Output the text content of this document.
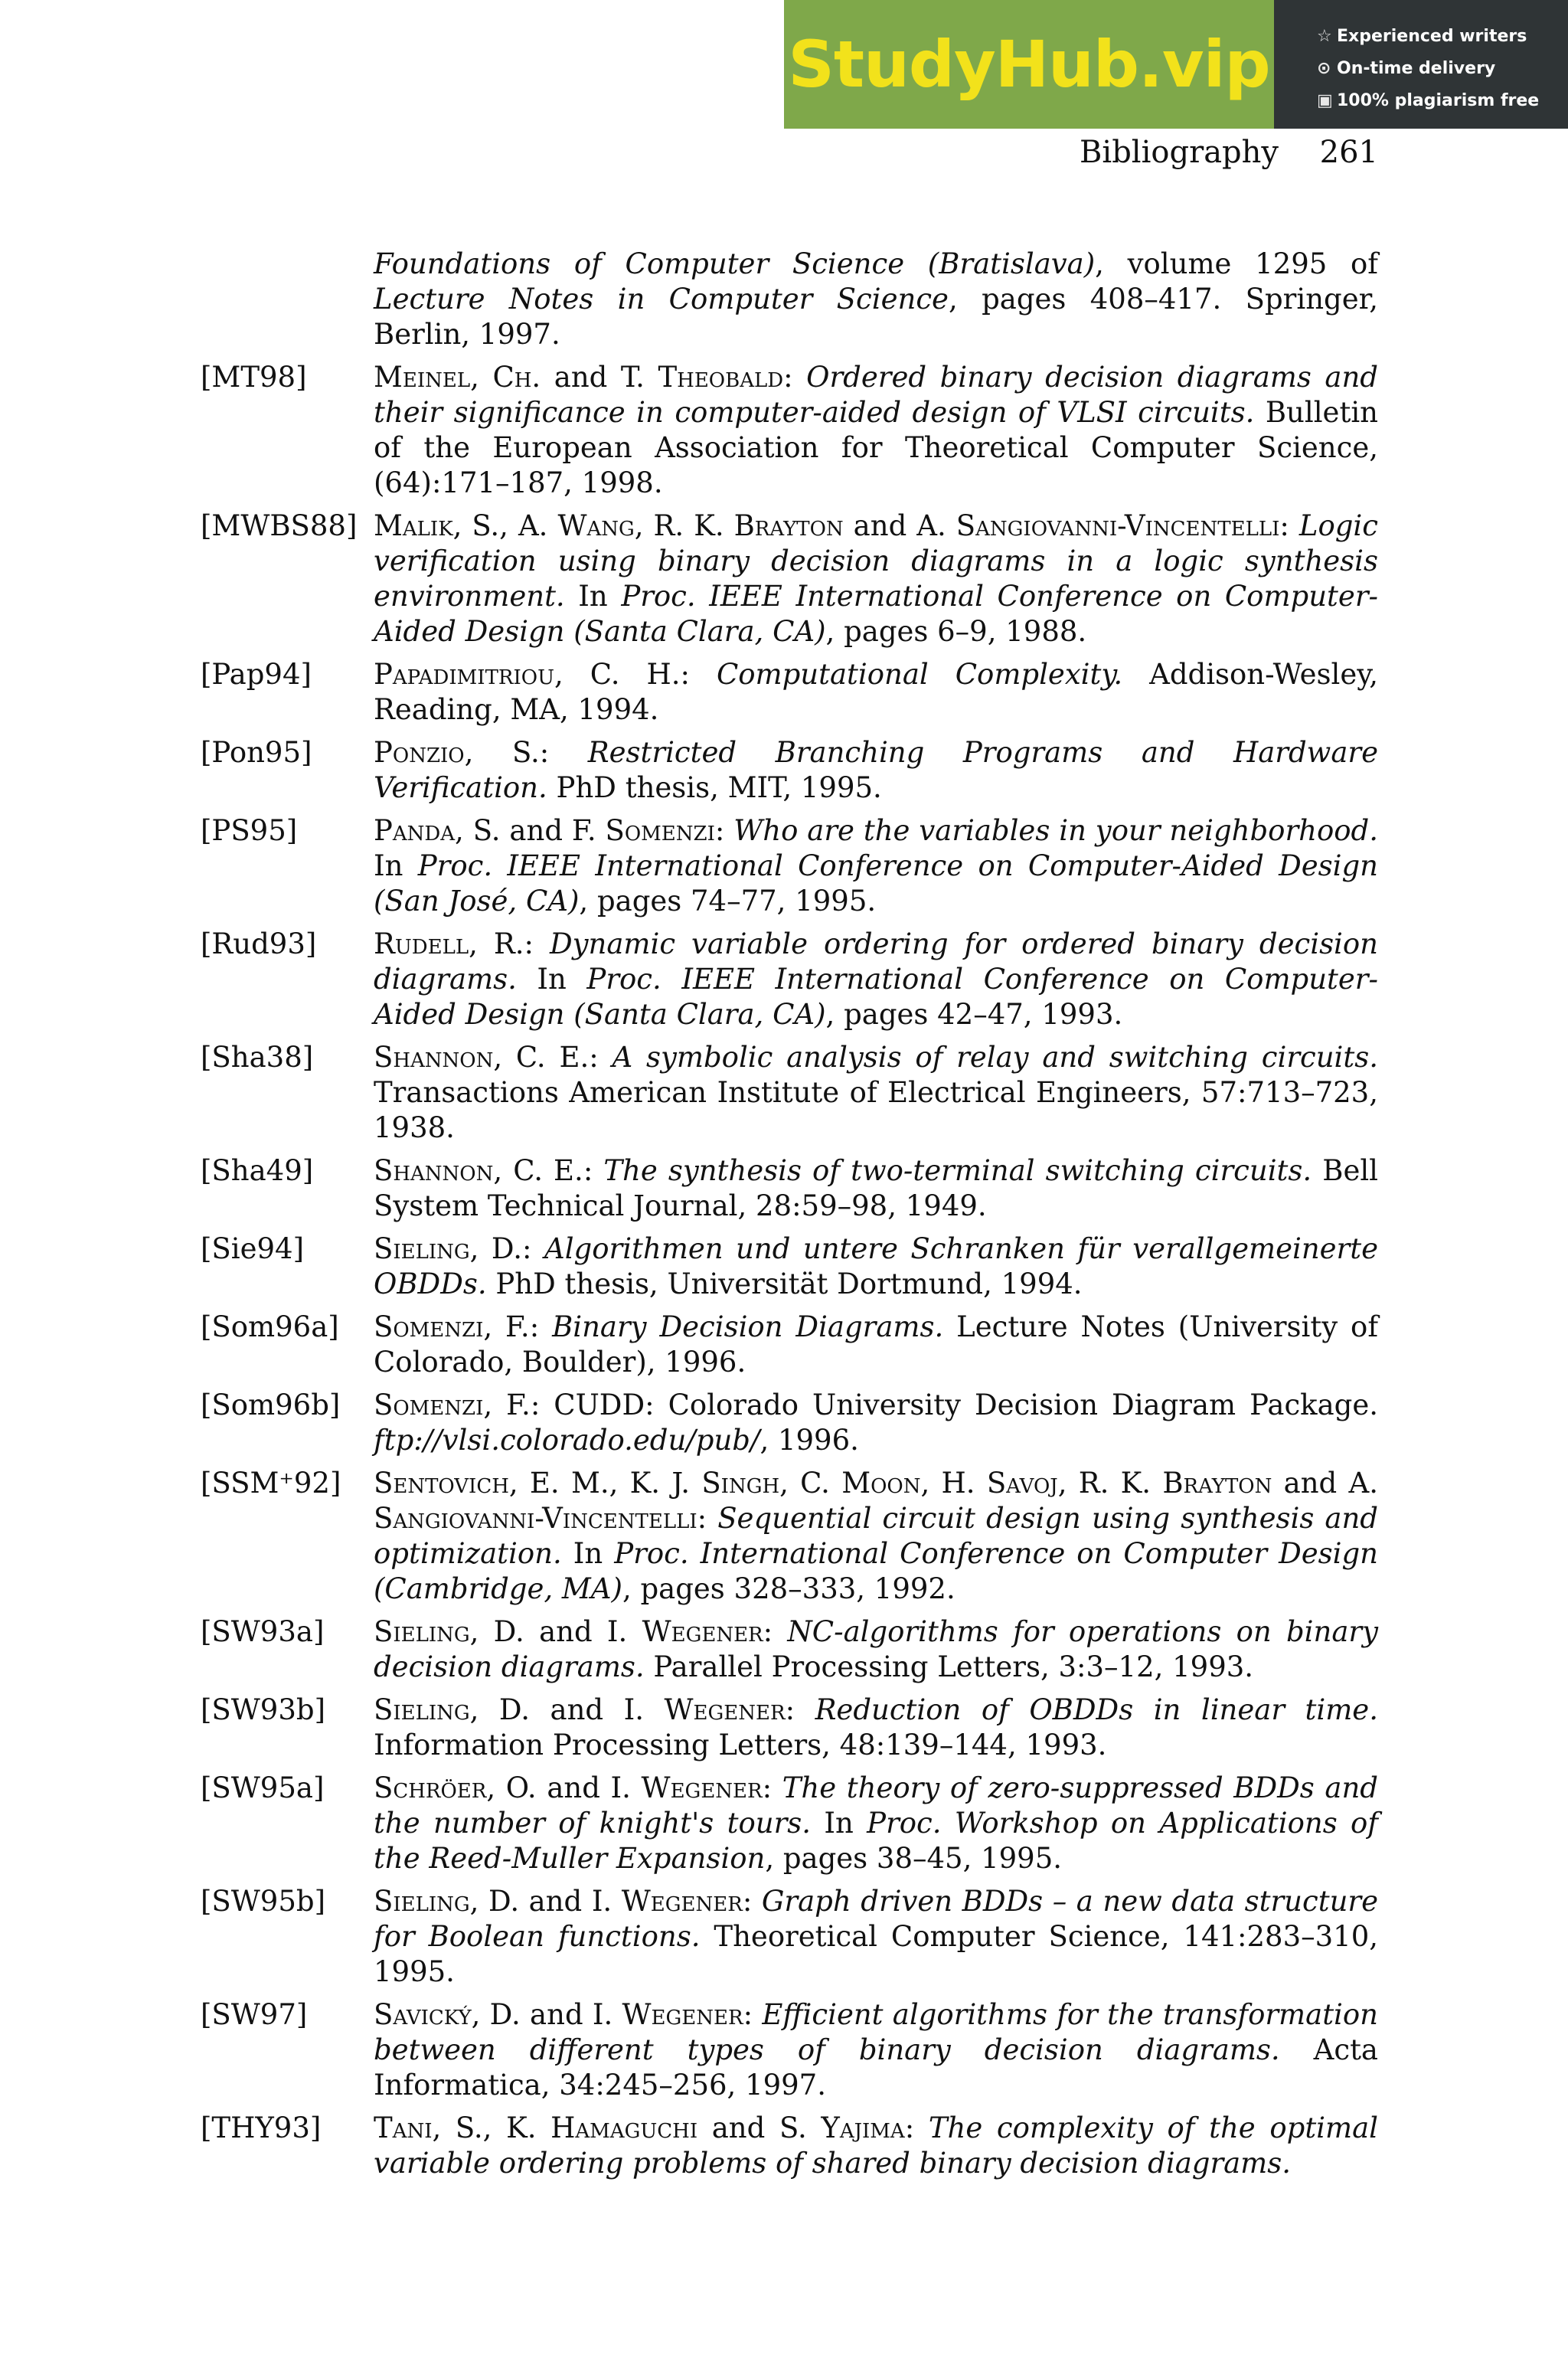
StudyHub.vip	☆ Experienced writers
⊙ On-time delivery
▣ 100% plagiarism free
Bibliography 261
Foundations of Computer Science (Bratislava), volume 1295 of Lecture Notes in Computer Science, pages 408–417. Springer, Berlin, 1997.
[MT98]	Meinel, Ch. and T. Theobald: Ordered binary decision diagrams and their significance in computer-aided design of VLSI circuits. Bulletin of the European Association for Theoretical Computer Science, (64):171–187, 1998.
[MWBS88] Malik, S., A. Wang, R. K. Brayton and A. Sangiovanni-Vincentelli: Logic verification using binary decision diagrams in a logic synthesis environment. In Proc. IEEE International Conference on Computer-Aided Design (Santa Clara, CA), pages 6–9, 1988.
[Pap94]	Papadimitriou, C. H.: Computational Complexity. Addison-Wesley, Reading, MA, 1994.
[Pon95]	Ponzio, S.: Restricted Branching Programs and Hardware Verification. PhD thesis, MIT, 1995.
[PS95]	Panda, S. and F. Somenzi: Who are the variables in your neighborhood. In Proc. IEEE International Conference on Computer-Aided Design (San José, CA), pages 74–77, 1995.
[Rud93]	Rudell, R.: Dynamic variable ordering for ordered binary decision diagrams. In Proc. IEEE International Conference on Computer-Aided Design (Santa Clara, CA), pages 42–47, 1993.
[Sha38]	Shannon, C. E.: A symbolic analysis of relay and switching circuits. Transactions American Institute of Electrical Engineers, 57:713–723, 1938.
[Sha49]	Shannon, C. E.: The synthesis of two-terminal switching circuits. Bell System Technical Journal, 28:59–98, 1949.
[Sie94]	Sieling, D.: Algorithmen und untere Schranken für verallgemeinerte OBDDs. PhD thesis, Universität Dortmund, 1994.
[Som96a]	Somenzi, F.: Binary Decision Diagrams. Lecture Notes (University of Colorado, Boulder), 1996.
[Som96b]	Somenzi, F.: CUDD: Colorado University Decision Diagram Package. ftp://vlsi.colorado.edu/pub/, 1996.
[SSM⁺92]	Sentovich, E. M., K. J. Singh, C. Moon, H. Savoj, R. K. Brayton and A. Sangiovanni-Vincentelli: Sequential circuit design using synthesis and optimization. In Proc. International Conference on Computer Design (Cambridge, MA), pages 328–333, 1992.
[SW93a]	Sieling, D. and I. Wegener: NC-algorithms for operations on binary decision diagrams. Parallel Processing Letters, 3:3–12, 1993.
[SW93b]	Sieling, D. and I. Wegener: Reduction of OBDDs in linear time. Information Processing Letters, 48:139–144, 1993.
[SW95a]	Schröer, O. and I. Wegener: The theory of zero-suppressed BDDs and the number of knight's tours. In Proc. Workshop on Applications of the Reed-Muller Expansion, pages 38–45, 1995.
[SW95b]	Sieling, D. and I. Wegener: Graph driven BDDs – a new data structure for Boolean functions. Theoretical Computer Science, 141:283–310, 1995.
[SW97]	Savický, D. and I. Wegener: Efficient algorithms for the transformation between different types of binary decision diagrams. Acta Informatica, 34:245–256, 1997.
[THY93]	Tani, S., K. Hamaguchi and S. Yajima: The complexity of the optimal variable ordering problems of shared binary decision diagrams.
